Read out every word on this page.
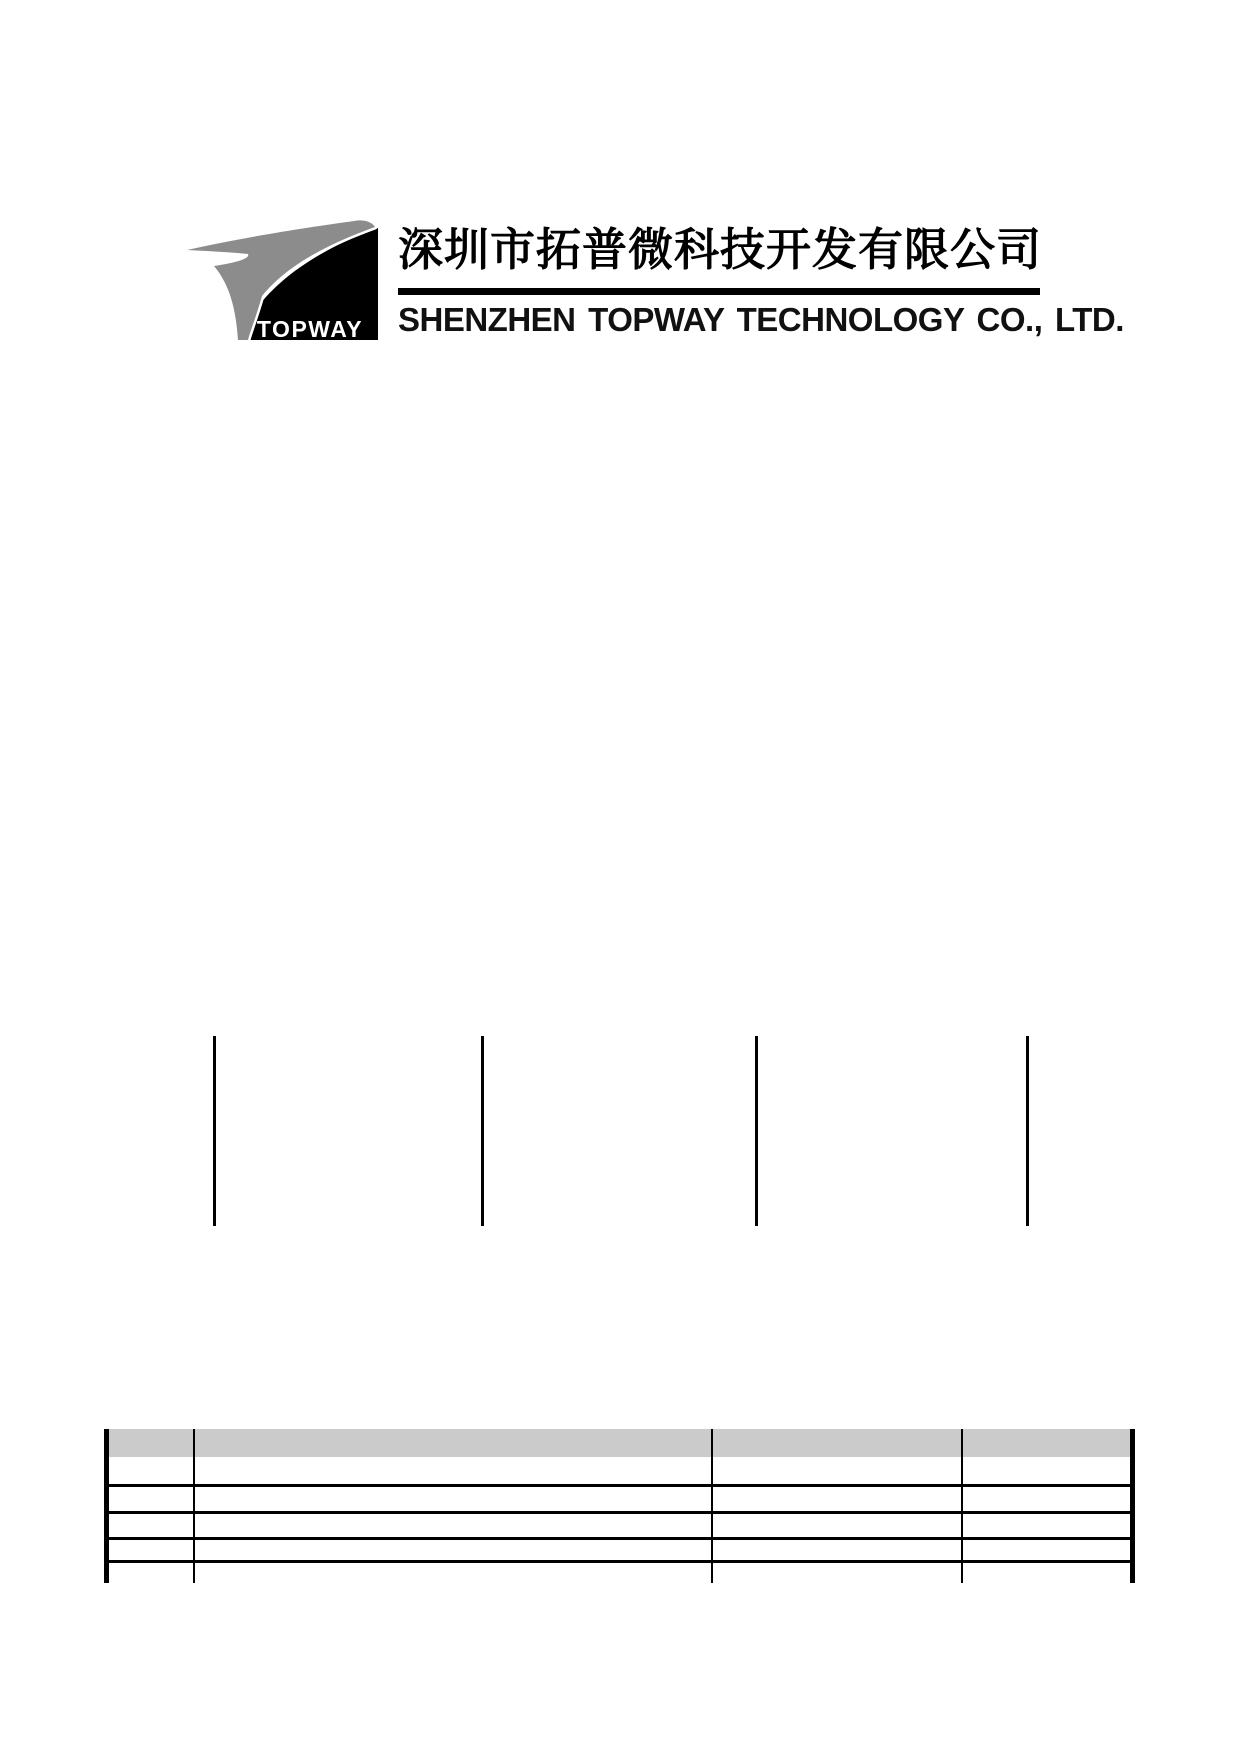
TOPWAY
深圳市拓普微科技开发有限公司
SHENZHEN TOPWAY TECHNOLOGY CO., LTD.
